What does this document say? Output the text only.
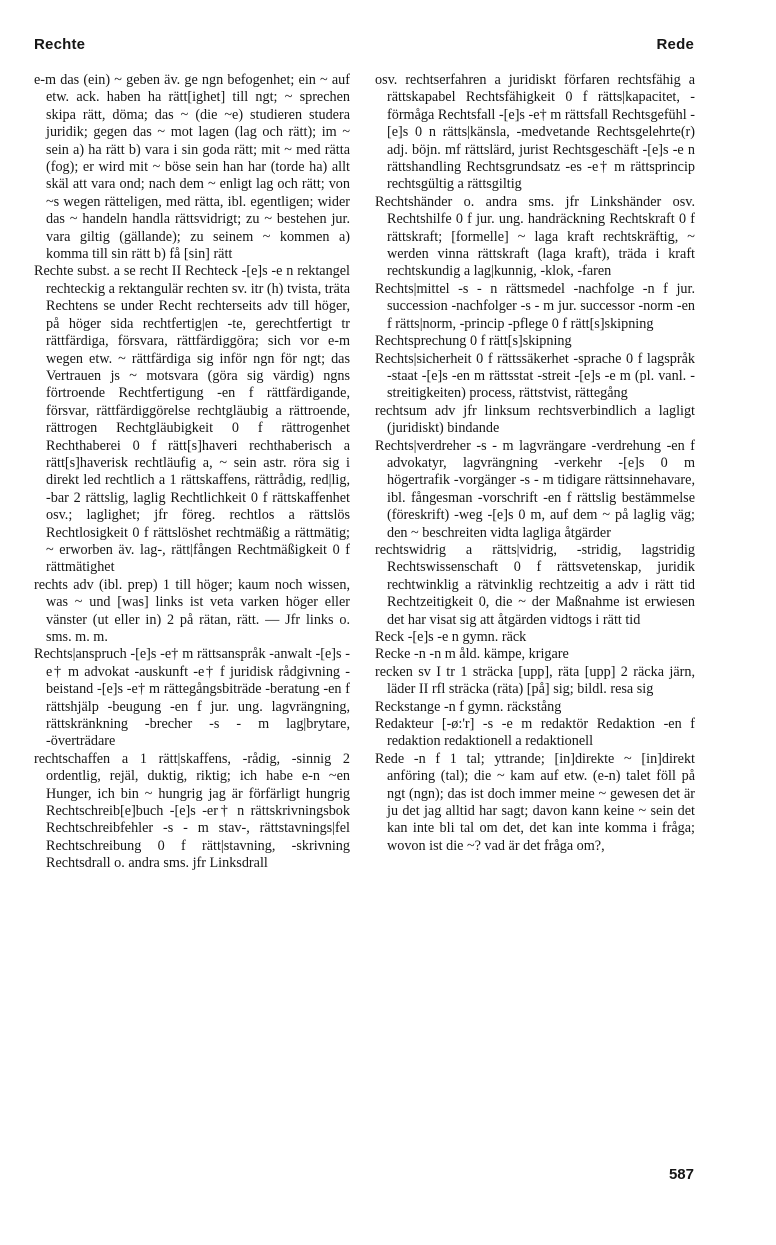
Rechte	Rede

e-m das (ein) ~ geben äv. ge ngn befogenhet; ein ~ auf etw. ack. haben ha rätt[ighet] till ngt; ~ sprechen skipa rätt, döma; das ~ (die ~e) studieren studera juridik; gegen das ~ mot lagen (lag och rätt); im ~ sein a) ha rätt b) vara i sin goda rätt; mit ~ med rätta (fog); er wird mit ~ böse sein han har (torde ha) allt skäl att vara ond; nach dem ~ enligt lag och rätt; von ~s wegen rätteligen, med rätta, ibl. egentligen; wider das ~ handeln handla rättsvidrigt; zu ~ bestehen jur. vara giltig (gällande); zu seinem ~ kommen a) komma till sin rätt b) få [sin] rätt

Rechte subst. a se recht II Rechteck -[e]s -e n rektangel rechteckig a rektangulär rechten sv. itr (h) tvista, träta Rechtens se under Recht rechterseits adv till höger, på höger sida rechtfertig|en -te, gerechtfertigt tr rättfärdiga, försvara, rättfärdiggöra; sich vor e-m wegen etw. ~ rättfärdiga sig inför ngn för ngt; das Vertrauen js ~ motsvara (göra sig värdig) ngns förtroende Rechtfertigung -en f rättfärdigande, försvar, rättfärdiggörelse rechtgläubig a rättroende, rättrogen Rechtgläubigkeit 0 f rättrogenhet Rechthaberei 0 f rätt[s]haveri rechthaberisch a rätt[s]haverisk rechtläufig a, ~ sein astr. röra sig i direkt led rechtlich a 1 rättskaffens, rättrådig, red|lig, -bar 2 rättslig, laglig Rechtlichkeit 0 f rättskaffenhet osv.; laglighet; jfr föreg. rechtlos a rättslös Rechtlosigkeit 0 f rättslöshet rechtmäßig a rättmätig; ~ erworben äv. lag-, rätt|fången Rechtmäßigkeit 0 f rättmätighet

rechts adv (ibl. prep) 1 till höger; kaum noch wissen, was ~ und [was] links ist veta varken höger eller vänster (ut eller in) 2 på rätan, rätt. — Jfr links o. sms. m. m.

Rechts|anspruch -[e]s -e† m rättsanspråk -anwalt -[e]s -e† m advokat -auskunft -e† f juridisk rådgivning -beistand -[e]s -e† m rättegångsbiträde -beratung -en f rättshjälp -beugung -en f jur. ung. lagvrängning, rättskränkning -brecher -s - m lag|brytare, -överträdare

rechtschaffen a 1 rätt|skaffens, -rådig, -sinnig 2 ordentlig, rejäl, duktig, riktig; ich habe e-n ~en Hunger, ich bin ~ hungrig jag är förfärligt hungrig Rechtschreib[e]buch -[e]s -er† n rättskrivningsbok Rechtschreibfehler -s - m stav-, rättstavnings|fel Rechtschreibung 0 f rätt|stavning, -skrivning Rechtsdrall o. andra sms. jfr Linksdrall

osv. rechtserfahren a juridiskt förfaren rechtsfähig a rättskapabel Rechtsfähigkeit 0 f rätts|kapacitet, -förmåga Rechtsfall -[e]s -e† m rättsfall Rechtsgefühl -[e]s 0 n rätts|känsla, -medvetande Rechtsgelehrte(r) adj. böjn. mf rättslärd, jurist Rechtsgeschäft -[e]s -e n rättshandling Rechtsgrundsatz -es -e† m rättsprincip rechtsgültig a rättsgiltig

Rechtshänder o. andra sms. jfr Linkshänder osv. Rechtshilfe 0 f jur. ung. handräckning Rechtskraft 0 f rättskraft; [formelle] ~ laga kraft rechtskräftig, ~ werden vinna rättskraft (laga kraft), träda i kraft rechtskundig a lag|kunnig, -klok, -faren

Rechts|mittel -s - n rättsmedel -nachfolge -n f jur. succession -nachfolger -s - m jur. successor -norm -en f rätts|norm, -princip -pflege 0 f rätt[s]skipning

Rechtsprechung 0 f rätt[s]skipning

Rechts|sicherheit 0 f rättssäkerhet -sprache 0 f lagspråk -staat -[e]s -en m rättsstat -streit -[e]s -e m (pl. vanl. -streitigkeiten) process, rättstvist, rättegång

rechtsum adv jfr linksum rechtsverbindlich a lagligt (juridiskt) bindande

Rechts|verdreher -s - m lagvrängare -verdrehung -en f advokatyr, lagvrängning -verkehr -[e]s 0 m högertrafik -vorgänger -s - m tidigare rättsinnehavare, ibl. fångesman -vorschrift -en f rättslig bestämmelse (föreskrift) -weg -[e]s 0 m, auf dem ~ på laglig väg; den ~ beschreiten vidta lagliga åtgärder

rechtswidrig a rätts|vidrig, -stridig, lagstridig Rechtswissenschaft 0 f rättsvetenskap, juridik rechtwinklig a rätvinklig rechtzeitig a adv i rätt tid Rechtzeitigkeit 0, die ~ der Maßnahme ist erwiesen det har visat sig att åtgärden vidtogs i rätt tid

Reck -[e]s -e n gymn. räck

Recke -n -n m åld. kämpe, krigare

recken sv I tr 1 sträcka [upp], räta [upp] 2 räcka järn, läder II rfl sträcka (räta) [på] sig; bildl. resa sig

Reckstange -n f gymn. räckstång

Redakteur [-ø:'r] -s -e m redaktör Redaktion -en f redaktion redaktionell a redaktionell

Rede -n f 1 tal; yttrande; [in]direkte ~ [in]direkt anföring (tal); die ~ kam auf etw. (e-n) talet föll på ngt (ngn); das ist doch immer meine ~ gewesen det är ju det jag alltid har sagt; davon kann keine ~ sein det kan inte bli tal om det, det kan inte komma i fråga; wovon ist die ~? vad är det fråga om?,

587
